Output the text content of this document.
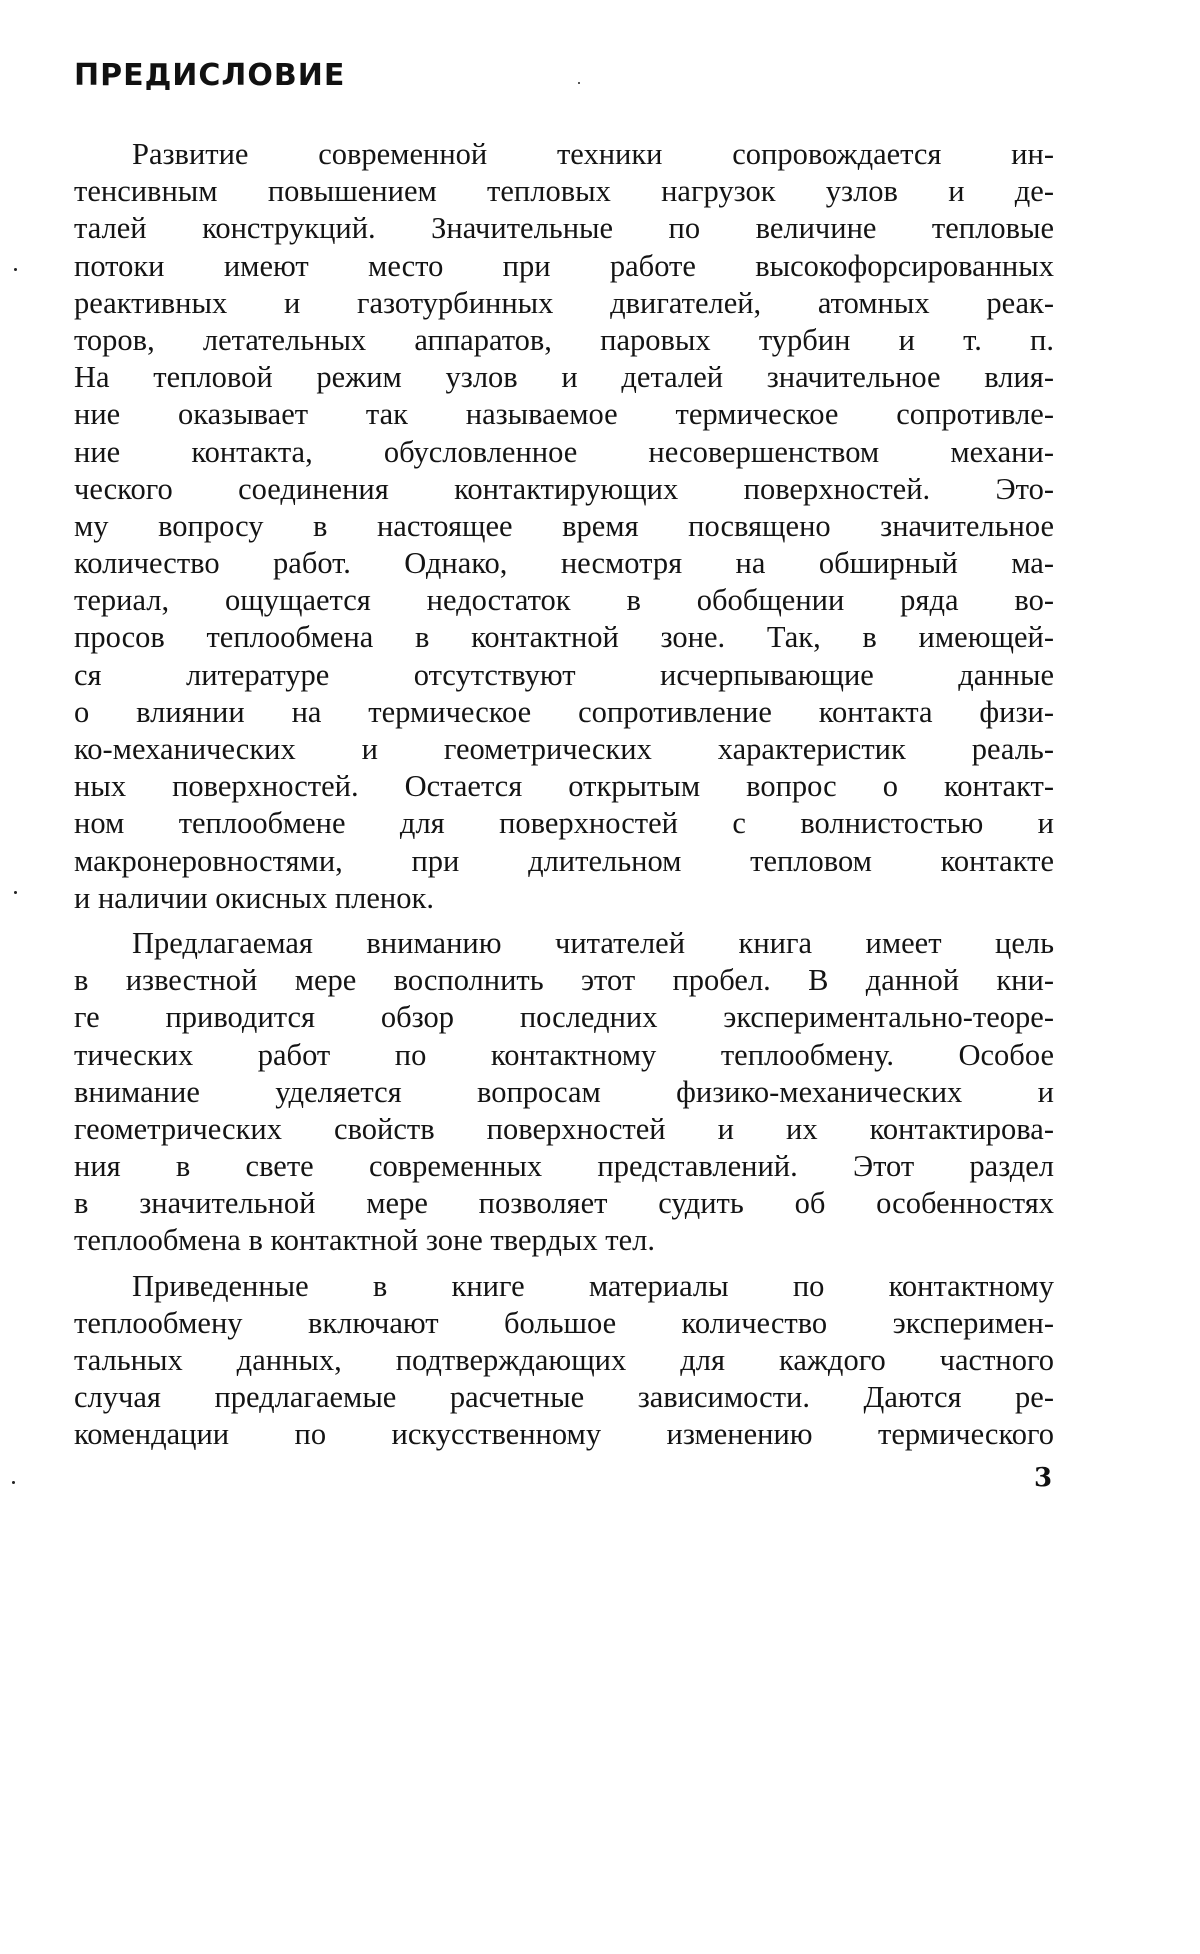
ПРЕДИСЛОВИЕ
Развитие современной техники сопровождается ин-
тенсивным повышением тепловых нагрузок узлов и де-
талей конструкций. Значительные по величине тепловые
потоки имеют место при работе высокофорсированных
реактивных и газотурбинных двигателей, атомных реак-
торов, летательных аппаратов, паровых турбин и т. п.
На тепловой режим узлов и деталей значительное влия-
ние оказывает так называемое термическое сопротивле-
ние контакта, обусловленное несовершенством механи-
ческого соединения контактирующих поверхностей. Это-
му вопросу в настоящее время посвящено значительное
количество работ. Однако, несмотря на обширный ма-
териал, ощущается недостаток в обобщении ряда во-
просов теплообмена в контактной зоне. Так, в имеющей-
ся литературе отсутствуют исчерпывающие данные
о влиянии на термическое сопротивление контакта физи-
ко-механических и геометрических характеристик реаль-
ных поверхностей. Остается открытым вопрос о контакт-
ном теплообмене для поверхностей с волнистостью и
макронеровностями, при длительном тепловом контакте
и наличии окисных пленок.
Предлагаемая вниманию читателей книга имеет цель
в известной мере восполнить этот пробел. В данной кни-
ге приводится обзор последних экспериментально-теоре-
тических работ по контактному теплообмену. Особое
внимание уделяется вопросам физико-механических и
геометрических свойств поверхностей и их контактирова-
ния в свете современных представлений. Этот раздел
в значительной мере позволяет судить об особенностях
теплообмена в контактной зоне твердых тел.
Приведенные в книге материалы по контактному
теплообмену включают большое количество эксперимен-
тальных данных, подтверждающих для каждого частного
случая предлагаемые расчетные зависимости. Даются ре-
комендации по искусственному изменению термического
3
